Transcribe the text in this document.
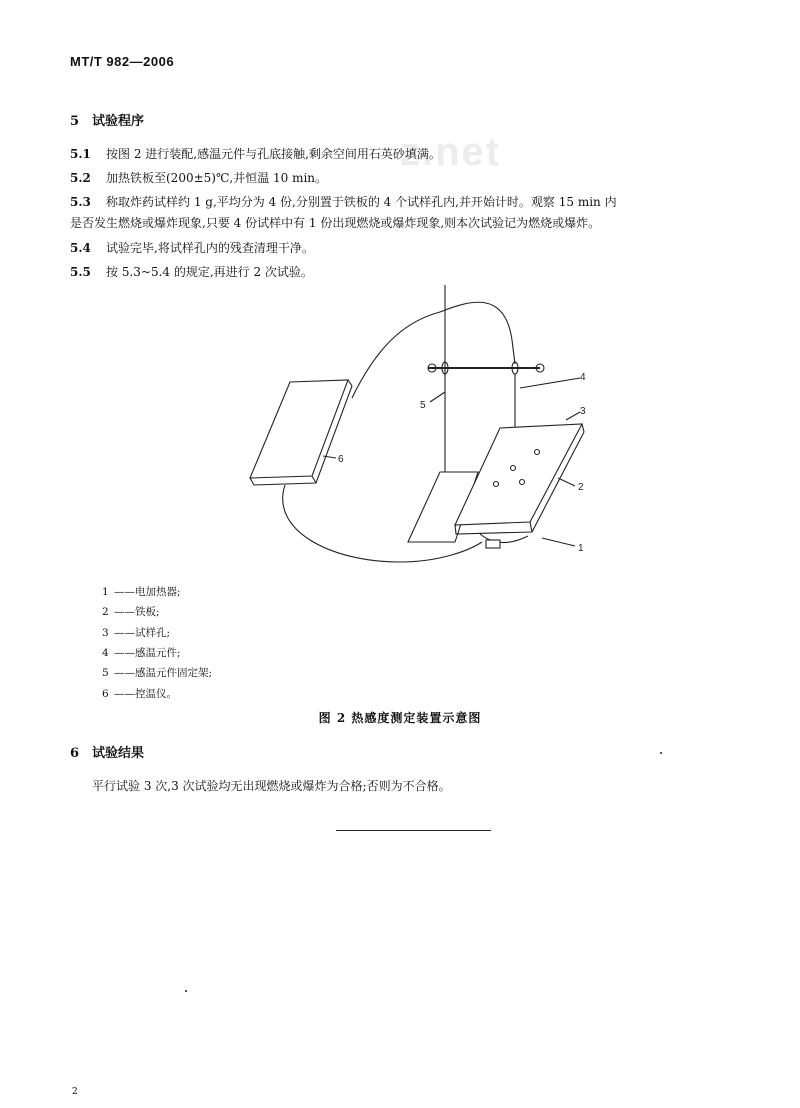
MT/T 982—2006
z.net
5 试验程序
5.1 按图 2 进行装配,感温元件与孔底接触,剩余空间用石英砂填满。
5.2 加热铁板至(200±5)℃,并恒温 10 min。
5.3 称取炸药试样约 1 g,平均分为 4 份,分别置于铁板的 4 个试样孔内,并开始计时。观察 15 min 内
是否发生燃烧或爆炸现象,只要 4 份试样中有 1 份出现燃烧或爆炸现象,则本次试验记为燃烧或爆炸。
5.4 试验完毕,将试样孔内的残查清理干净。
5.5 按 5.3~5.4 的规定,再进行 2 次试验。
1
2
3
4
5
6
1 ——电加热器;
2 ——铁板;
3 ——试样孔;
4 ——感温元件;
5 ——感温元件固定架;
6 ——控温仪。
图 2 热感度测定装置示意图
6 试验结果
平行试验 3 次,3 次试验均无出现燃烧或爆炸为合格;否则为不合格。
2
